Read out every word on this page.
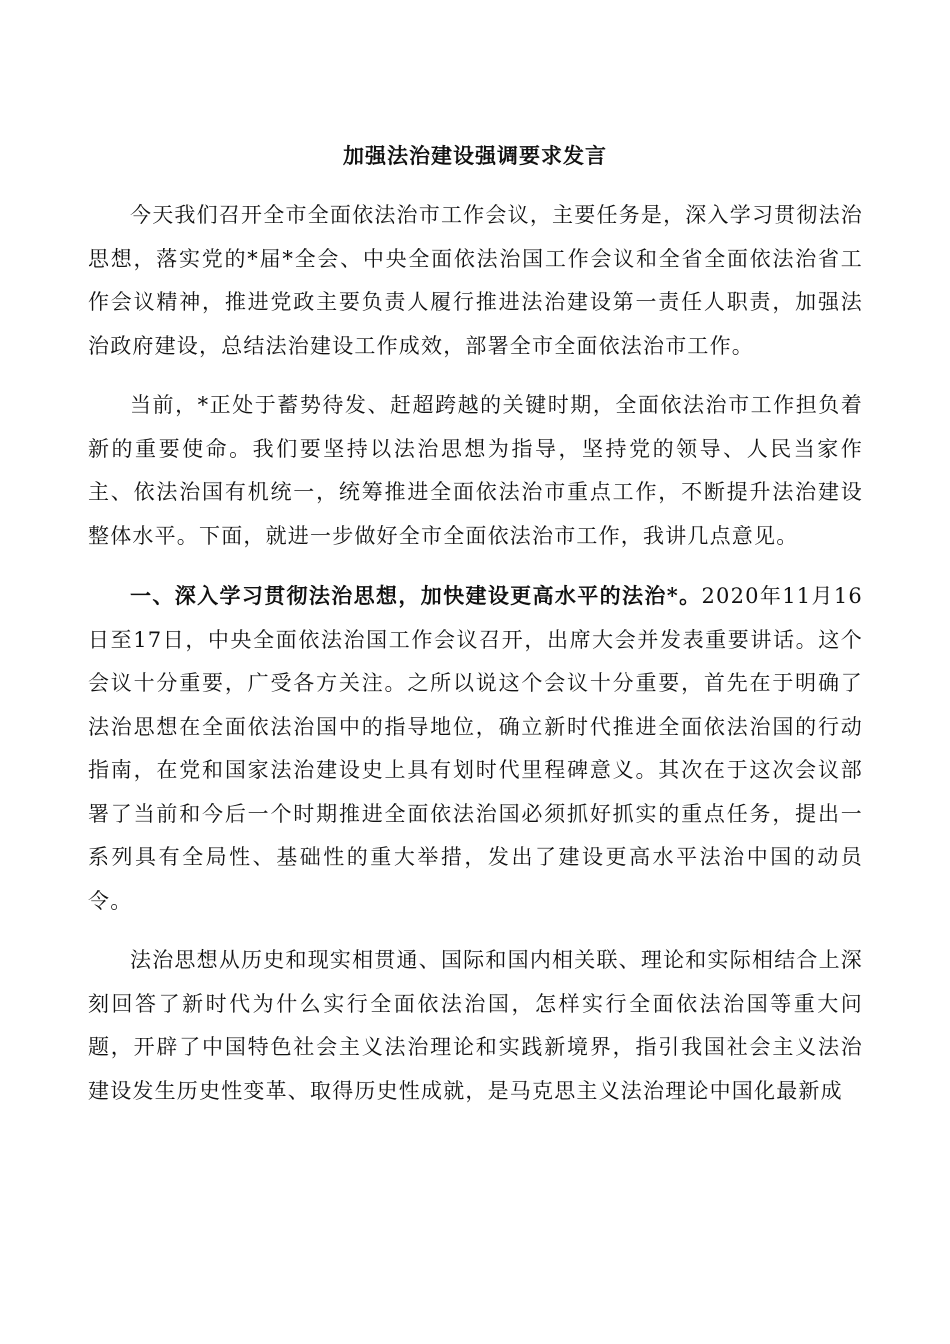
加强法治建设强调要求发言

今天我们召开全市全面依法治市工作会议，主要任务是，深入学习贯彻法治思想，落实党的*届*全会、中央全面依法治国工作会议和全省全面依法治省工作会议精神，推进党政主要负责人履行推进法治建设第一责任人职责，加强法治政府建设，总结法治建设工作成效，部署全市全面依法治市工作。

当前，*正处于蓄势待发、赶超跨越的关键时期，全面依法治市工作担负着新的重要使命。我们要坚持以法治思想为指导，坚持党的领导、人民当家作主、依法治国有机统一，统筹推进全面依法治市重点工作，不断提升法治建设整体水平。下面，就进一步做好全市全面依法治市工作，我讲几点意见。

一、深入学习贯彻法治思想，加快建设更高水平的法治*。2020年11月16日至17日，中央全面依法治国工作会议召开，出席大会并发表重要讲话。这个会议十分重要，广受各方关注。之所以说这个会议十分重要，首先在于明确了法治思想在全面依法治国中的指导地位，确立新时代推进全面依法治国的行动指南，在党和国家法治建设史上具有划时代里程碑意义。其次在于这次会议部署了当前和今后一个时期推进全面依法治国必须抓好抓实的重点任务，提出一系列具有全局性、基础性的重大举措，发出了建设更高水平法治中国的动员令。

法治思想从历史和现实相贯通、国际和国内相关联、理论和实际相结合上深刻回答了新时代为什么实行全面依法治国，怎样实行全面依法治国等重大问题，开辟了中国特色社会主义法治理论和实践新境界，指引我国社会主义法治建设发生历史性变革、取得历史性成就，是马克思主义法治理论中国化最新成
